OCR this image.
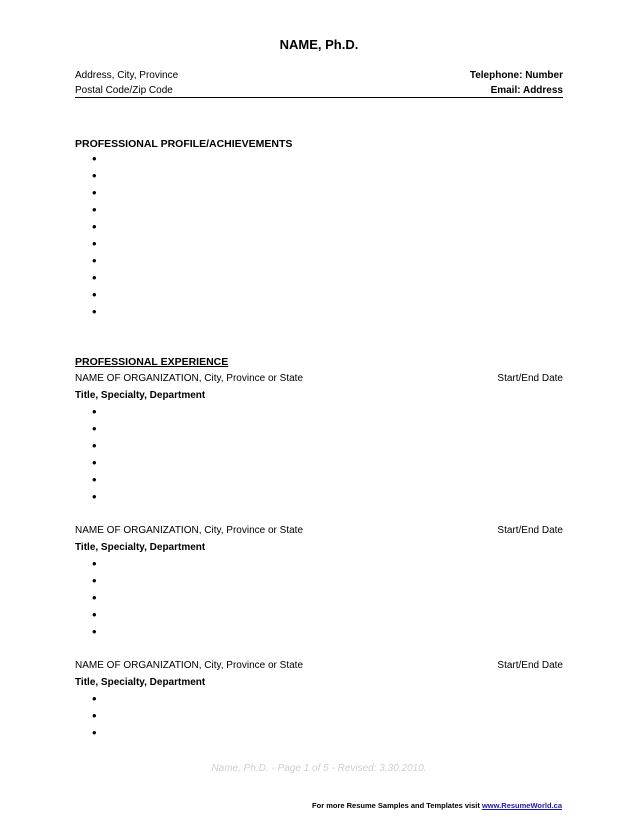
NAME, Ph.D.
Address, City, Province	Telephone: Number
Postal Code/Zip Code	Email: Address
PROFESSIONAL PROFILE/ACHIEVEMENTS
•
•
•
•
•
•
•
•
•
•
PROFESSIONAL EXPERIENCE
NAME OF ORGANIZATION, City, Province or State	Start/End Date
Title, Specialty, Department
•
•
•
•
•
•
NAME OF ORGANIZATION, City, Province or State	Start/End Date
Title, Specialty, Department
•
•
•
•
•
NAME OF ORGANIZATION, City, Province or State	Start/End Date
Title, Specialty, Department
•
•
•
Name, Ph.D. - Page 1 of 5 - Revised: 3.30.2010.
For more Resume Samples and Templates visit www.ResumeWorld.ca
